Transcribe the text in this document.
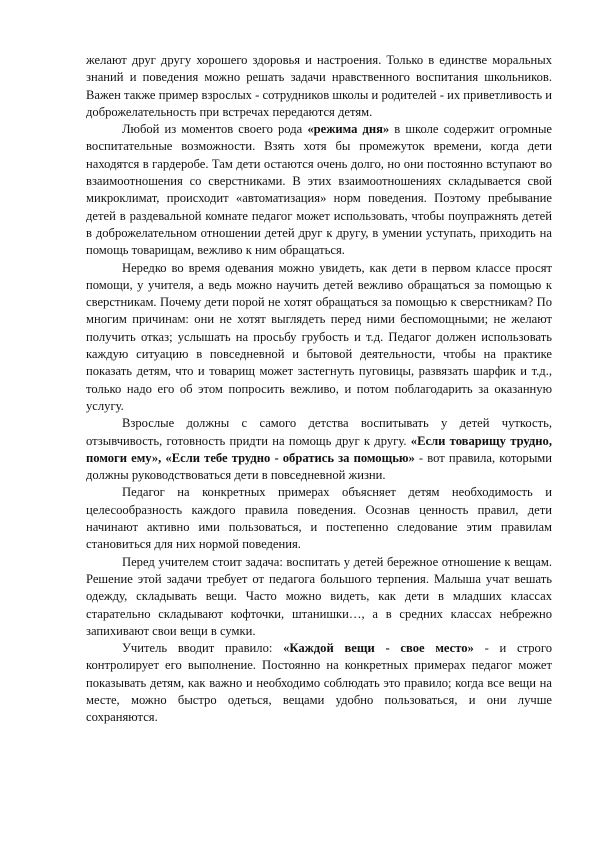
желают друг другу хорошего здоровья и настроения. Только в единстве моральных знаний и поведения можно решать задачи нравственного воспитания школьников. Важен также пример взрослых - сотрудников школы и родителей - их приветливость и доброжелательность при встречах передаются детям.

Любой из моментов своего рода «режима дня» в школе содержит огромные воспитательные возможности. Взять хотя бы промежуток времени, когда дети находятся в гардеробе. Там дети остаются очень долго, но они постоянно вступают во взаимоотношения со сверстниками. В этих взаимоотношениях складывается свой микроклимат, происходит «автоматизация» норм поведения. Поэтому пребывание детей в раздевальной комнате педагог может использовать, чтобы поупражнять детей в доброжелательном отношении детей друг к другу, в умении уступать, приходить на помощь товарищам, вежливо к ним обращаться.

Нередко во время одевания можно увидеть, как дети в первом классе просят помощи, у учителя, а ведь можно научить детей вежливо обращаться за помощью к сверстникам. Почему дети порой не хотят обращаться за помощью к сверстникам? По многим причинам: они не хотят выглядеть перед ними беспомощными; не желают получить отказ; услышать на просьбу грубость и т.д. Педагог должен использовать каждую ситуацию в повседневной и бытовой деятельности, чтобы на практике показать детям, что и товарищ может застегнуть пуговицы, развязать шарфик и т.д., только надо его об этом попросить вежливо, и потом поблагодарить за оказанную услугу.

Взрослые должны с самого детства воспитывать у детей чуткость, отзывчивость, готовность придти на помощь друг к другу. «Если товарищу трудно, помоги ему», «Если тебе трудно - обратись за помощью» - вот правила, которыми должны руководствоваться дети в повседневной жизни.

Педагог на конкретных примерах объясняет детям необходимость и целесообразность каждого правила поведения. Осознав ценность правил, дети начинают активно ими пользоваться, и постепенно следование этим правилам становиться для них нормой поведения.

Перед учителем стоит задача: воспитать у детей бережное отношение к вещам. Решение этой задачи требует от педагога большого терпения. Малыша учат вешать одежду, складывать вещи. Часто можно видеть, как дети в младших классах старательно складывают кофточки, штанишки…, а в средних классах небрежно запихивают свои вещи в сумки.

Учитель вводит правило: «Каждой вещи - свое место» - и строго контролирует его выполнение. Постоянно на конкретных примерах педагог может показывать детям, как важно и необходимо соблюдать это правило; когда все вещи на месте, можно быстро одеться, вещами удобно пользоваться, и они лучше сохраняются.
